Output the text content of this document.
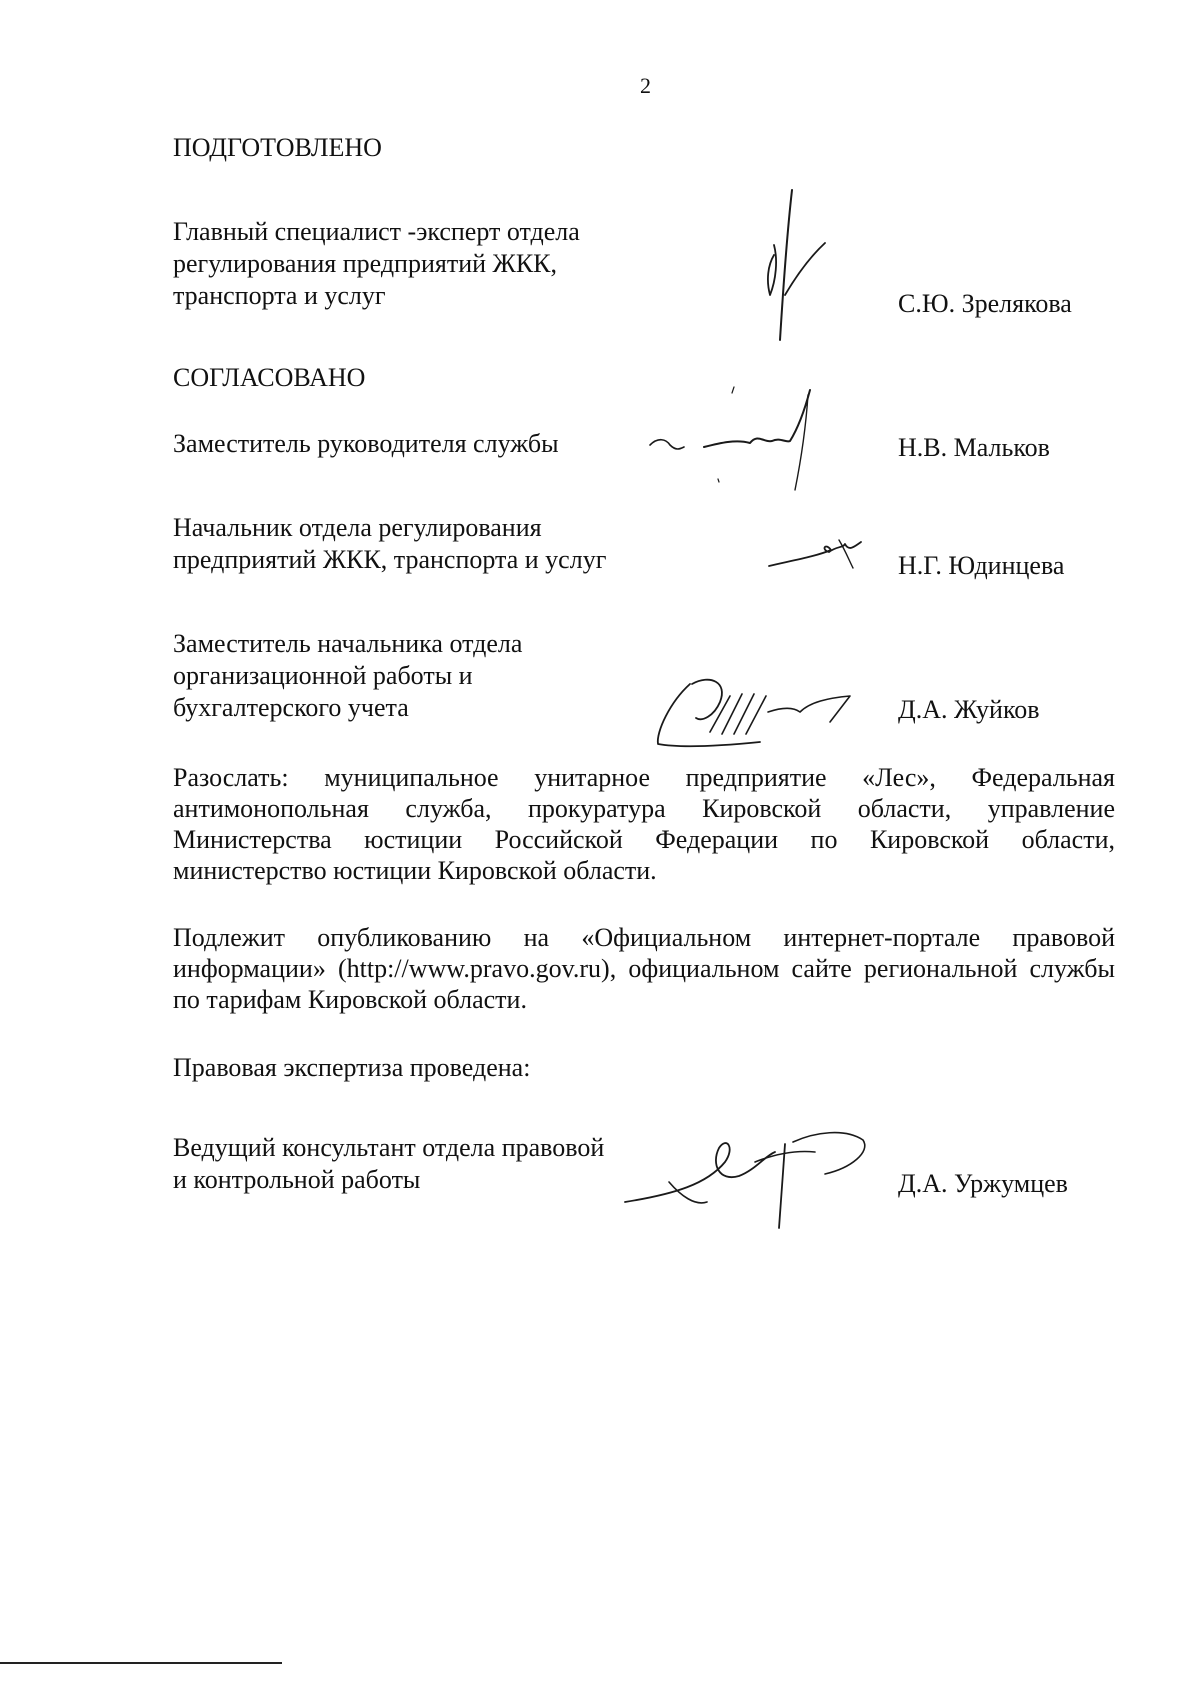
2
ПОДГОТОВЛЕНО
Главный специалист -эксперт отдела
регулирования предприятий ЖКК,
транспорта и услуг	С.Ю. Зрелякова
СОГЛАСОВАНО
Заместитель руководителя службы	Н.В. Мальков
Начальник отдела регулирования
предприятий ЖКК, транспорта и услуг	Н.Г. Юдинцева
Заместитель начальника отдела
организационной работы и
бухгалтерского учета	Д.А. Жуйков

Разослать: муниципальное унитарное предприятие «Лес», Федеральная антимонопольная служба, прокуратура Кировской области, управление Министерства юстиции Российской Федерации по Кировской области, министерство юстиции Кировской области.

Подлежит опубликованию на «Официальном интернет-портале правовой информации» (http://www.pravo.gov.ru), официальном сайте региональной службы по тарифам Кировской области.

Правовая экспертиза проведена:
Ведущий консультант отдела правовой
и контрольной работы	Д.А. Уржумцев
